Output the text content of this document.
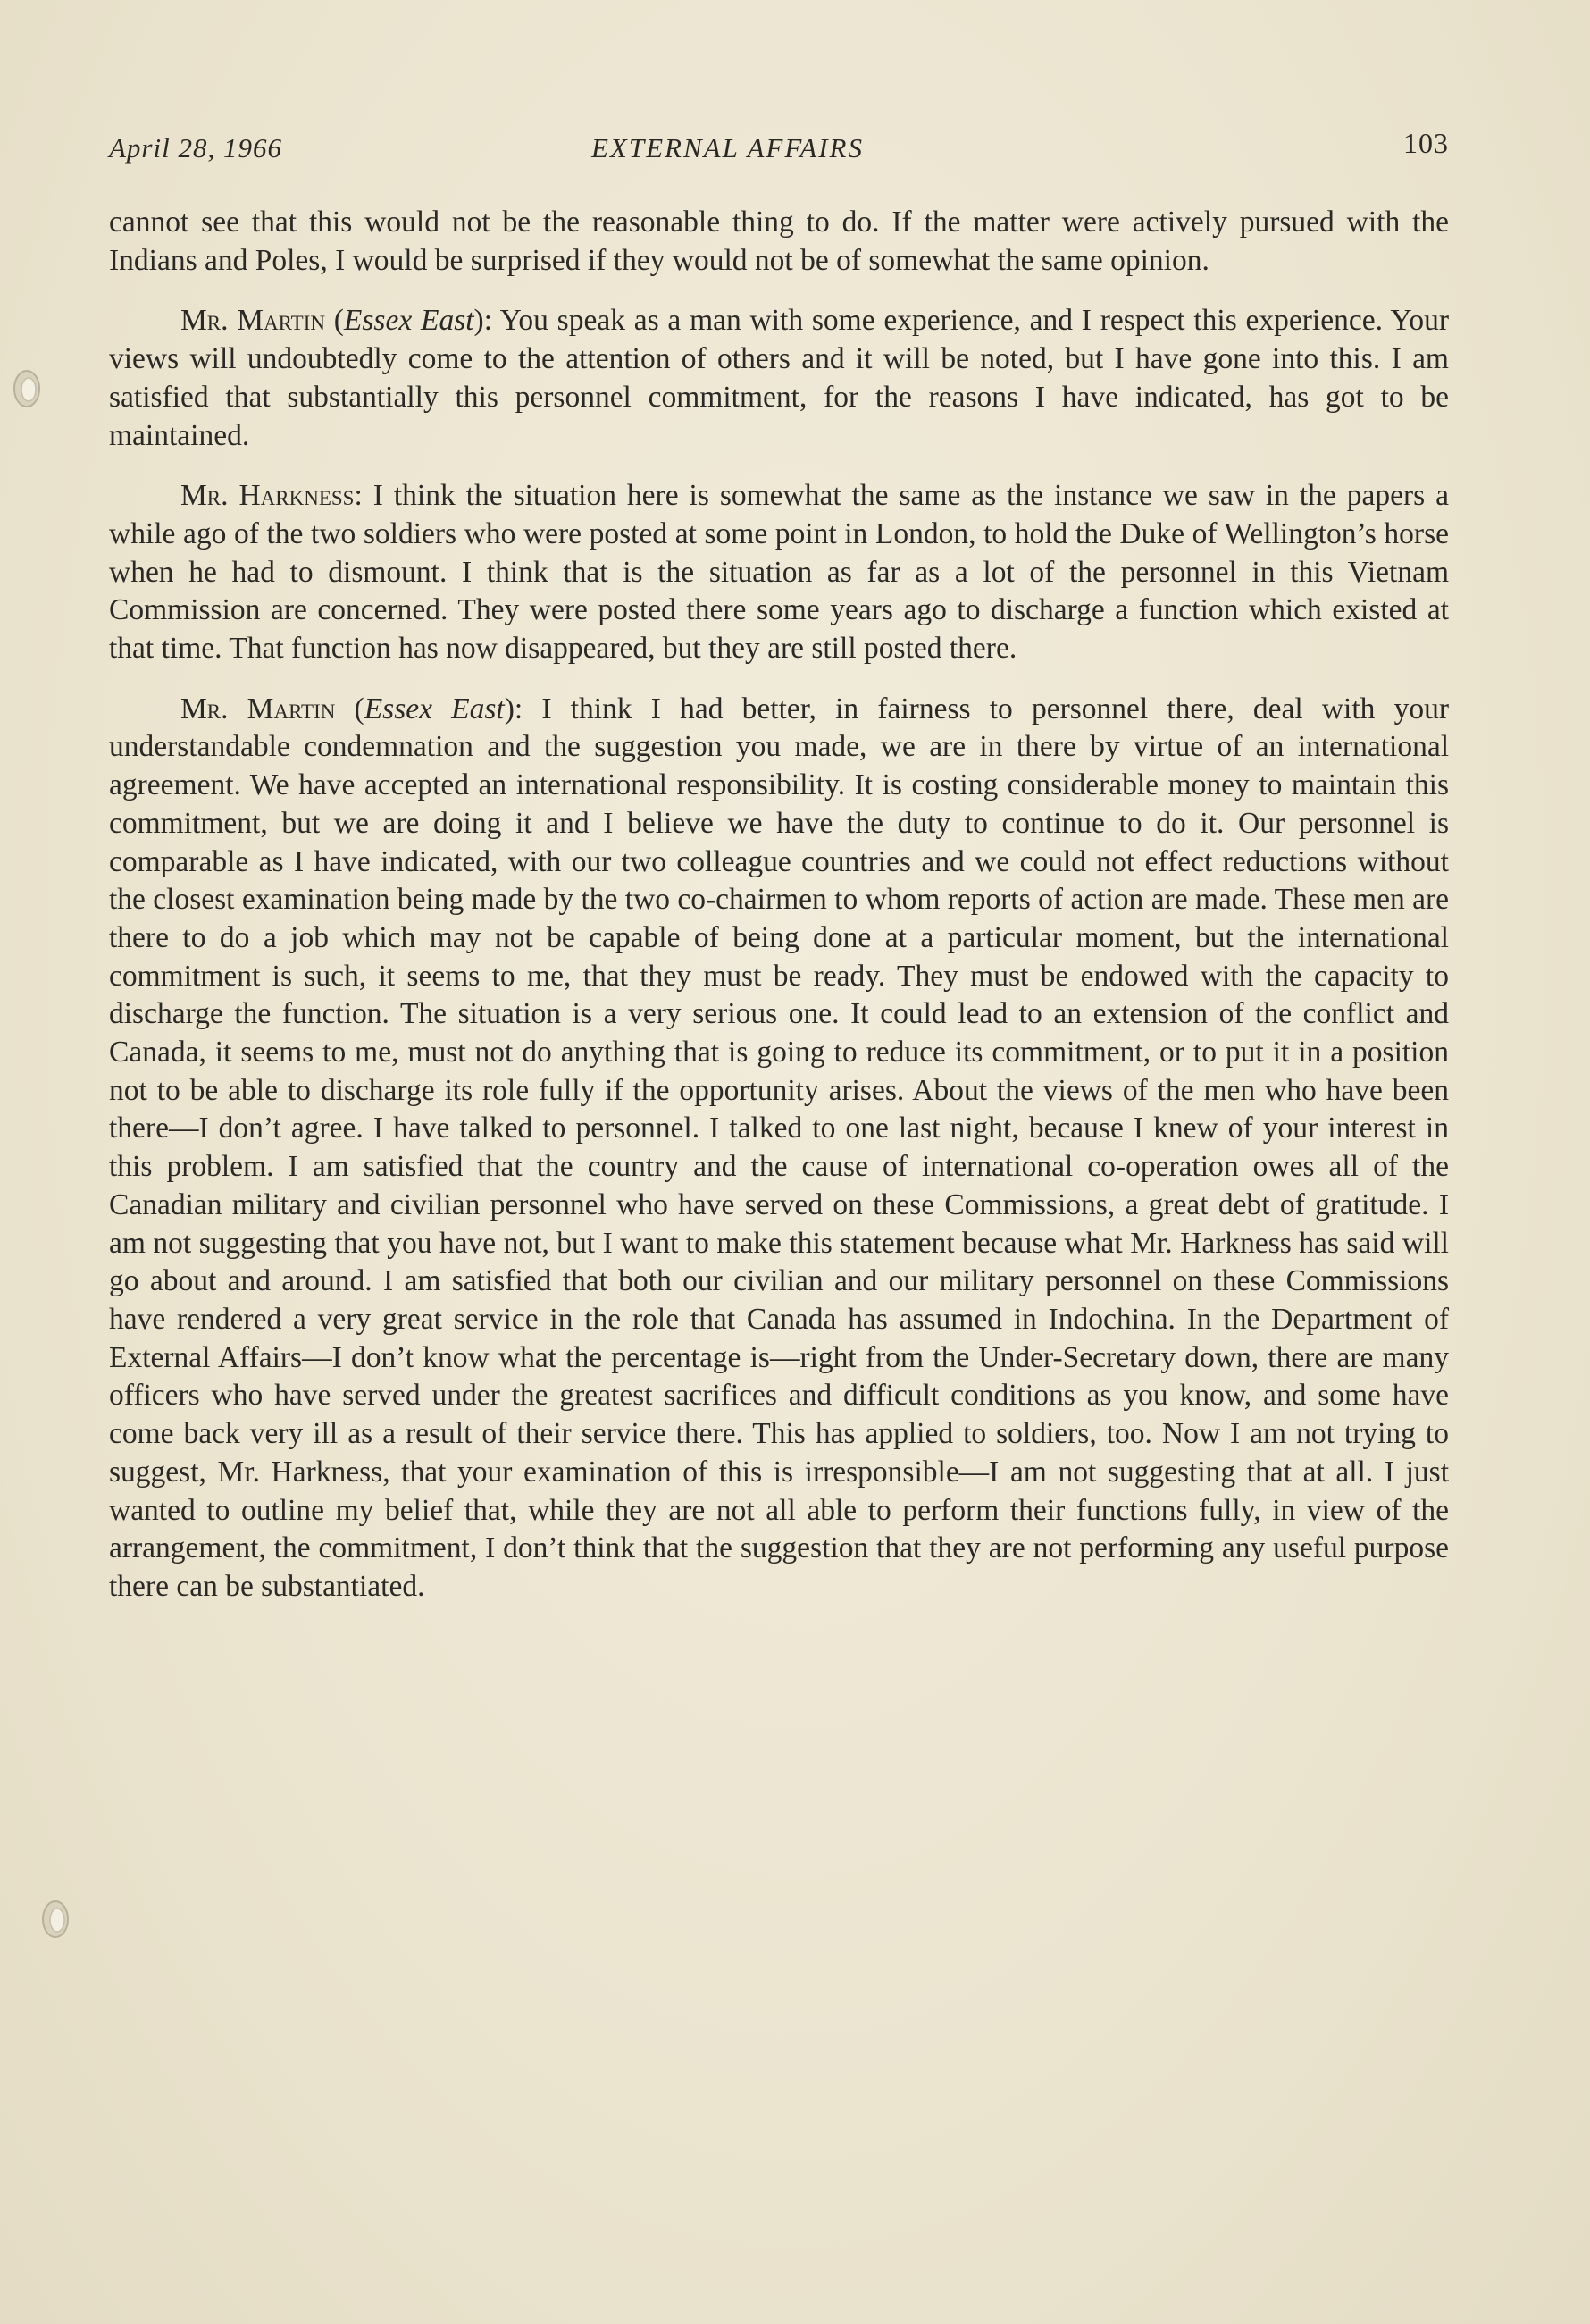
April 28, 1966	EXTERNAL AFFAIRS	103

cannot see that this would not be the reasonable thing to do. If the matter were actively pursued with the Indians and Poles, I would be surprised if they would not be of somewhat the same opinion.

Mr. Martin (Essex East): You speak as a man with some experience, and I respect this experience. Your views will undoubtedly come to the attention of others and it will be noted, but I have gone into this. I am satisfied that substantially this personnel commitment, for the reasons I have indicated, has got to be maintained.

Mr. Harkness: I think the situation here is somewhat the same as the instance we saw in the papers a while ago of the two soldiers who were posted at some point in London, to hold the Duke of Wellington’s horse when he had to dismount. I think that is the situation as far as a lot of the personnel in this Vietnam Commission are concerned. They were posted there some years ago to discharge a function which existed at that time. That function has now disappeared, but they are still posted there.

Mr. Martin (Essex East): I think I had better, in fairness to personnel there, deal with your understandable condemnation and the suggestion you made, we are in there by virtue of an international agreement. We have accepted an international responsibility. It is costing considerable money to maintain this commitment, but we are doing it and I believe we have the duty to continue to do it. Our personnel is comparable as I have indicated, with our two colleague countries and we could not effect reductions without the closest examination being made by the two co-chairmen to whom reports of action are made. These men are there to do a job which may not be capable of being done at a particular moment, but the international commitment is such, it seems to me, that they must be ready. They must be endowed with the capacity to discharge the function. The situation is a very serious one. It could lead to an extension of the conflict and Canada, it seems to me, must not do anything that is going to reduce its commitment, or to put it in a position not to be able to discharge its role fully if the opportunity arises. About the views of the men who have been there—I don’t agree. I have talked to personnel. I talked to one last night, because I knew of your interest in this problem. I am satisfied that the country and the cause of international co-operation owes all of the Canadian military and civilian personnel who have served on these Commissions, a great debt of gratitude. I am not suggesting that you have not, but I want to make this statement because what Mr. Harkness has said will go about and around. I am satisfied that both our civilian and our military personnel on these Commissions have rendered a very great service in the role that Canada has assumed in Indochina. In the Department of External Affairs—I don’t know what the percentage is—right from the Under-Secretary down, there are many officers who have served under the greatest sacrifices and difficult conditions as you know, and some have come back very ill as a result of their service there. This has applied to soldiers, too. Now I am not trying to suggest, Mr. Harkness, that your examination of this is irresponsible—I am not suggesting that at all. I just wanted to outline my belief that, while they are not all able to perform their functions fully, in view of the arrangement, the commitment, I don’t think that the suggestion that they are not performing any useful purpose there can be substantiated.
